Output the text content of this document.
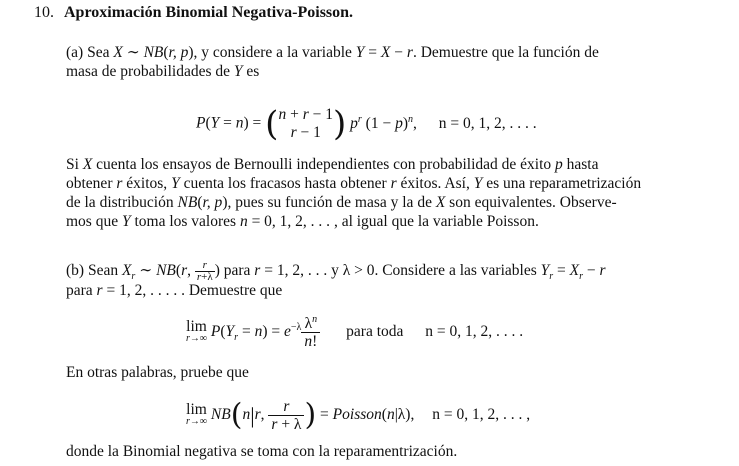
10. Aproximación Binomial Negativa-Poisson.
(a) Sea X ∼ NB(r, p), y considere a la variable Y = X − r. Demuestre que la función de
masa de probabilidades de Y es
P(Y = n) = (n + r − 1
r − 1 ) $p^r$ $(1 - p)^n$, n = 0, 1, 2, . . . .
Si X cuenta los ensayos de Bernoulli independientes con probabilidad de éxito p hasta
obtener r éxitos, Y cuenta los fracasos hasta obtener r éxitos. Así, Y es una reparametrización
de la distribución NB(r, p), pues su función de masa y la de X son equivalentes. Observe-
mos que Y toma los valores n = 0, 1, 2, . . . , al igual que la variable Poisson.
(b) Sean $X_r$ ∼ NB(r, $\frac{r}{r+\lambda}$ ) para r = 1, 2, . . . y λ > 0. Considere a las variables $Y_r = X_r - r$
para r = 1, 2, . . . . . Demuestre que
lim
r→∞ $P(Y_r = n) = e^{-\lambda} \frac{\lambda^n}{n!}$ para toda n = 0, 1, 2, . . . .
En otras palabras, pruebe que
lim
r→∞ NB(n|r, $\frac{r}{r + \lambda}$ ) = Poisson(n|λ), n = 0, 1, 2, . . . ,
donde la Binomial negativa se toma con la reparamentrización.
